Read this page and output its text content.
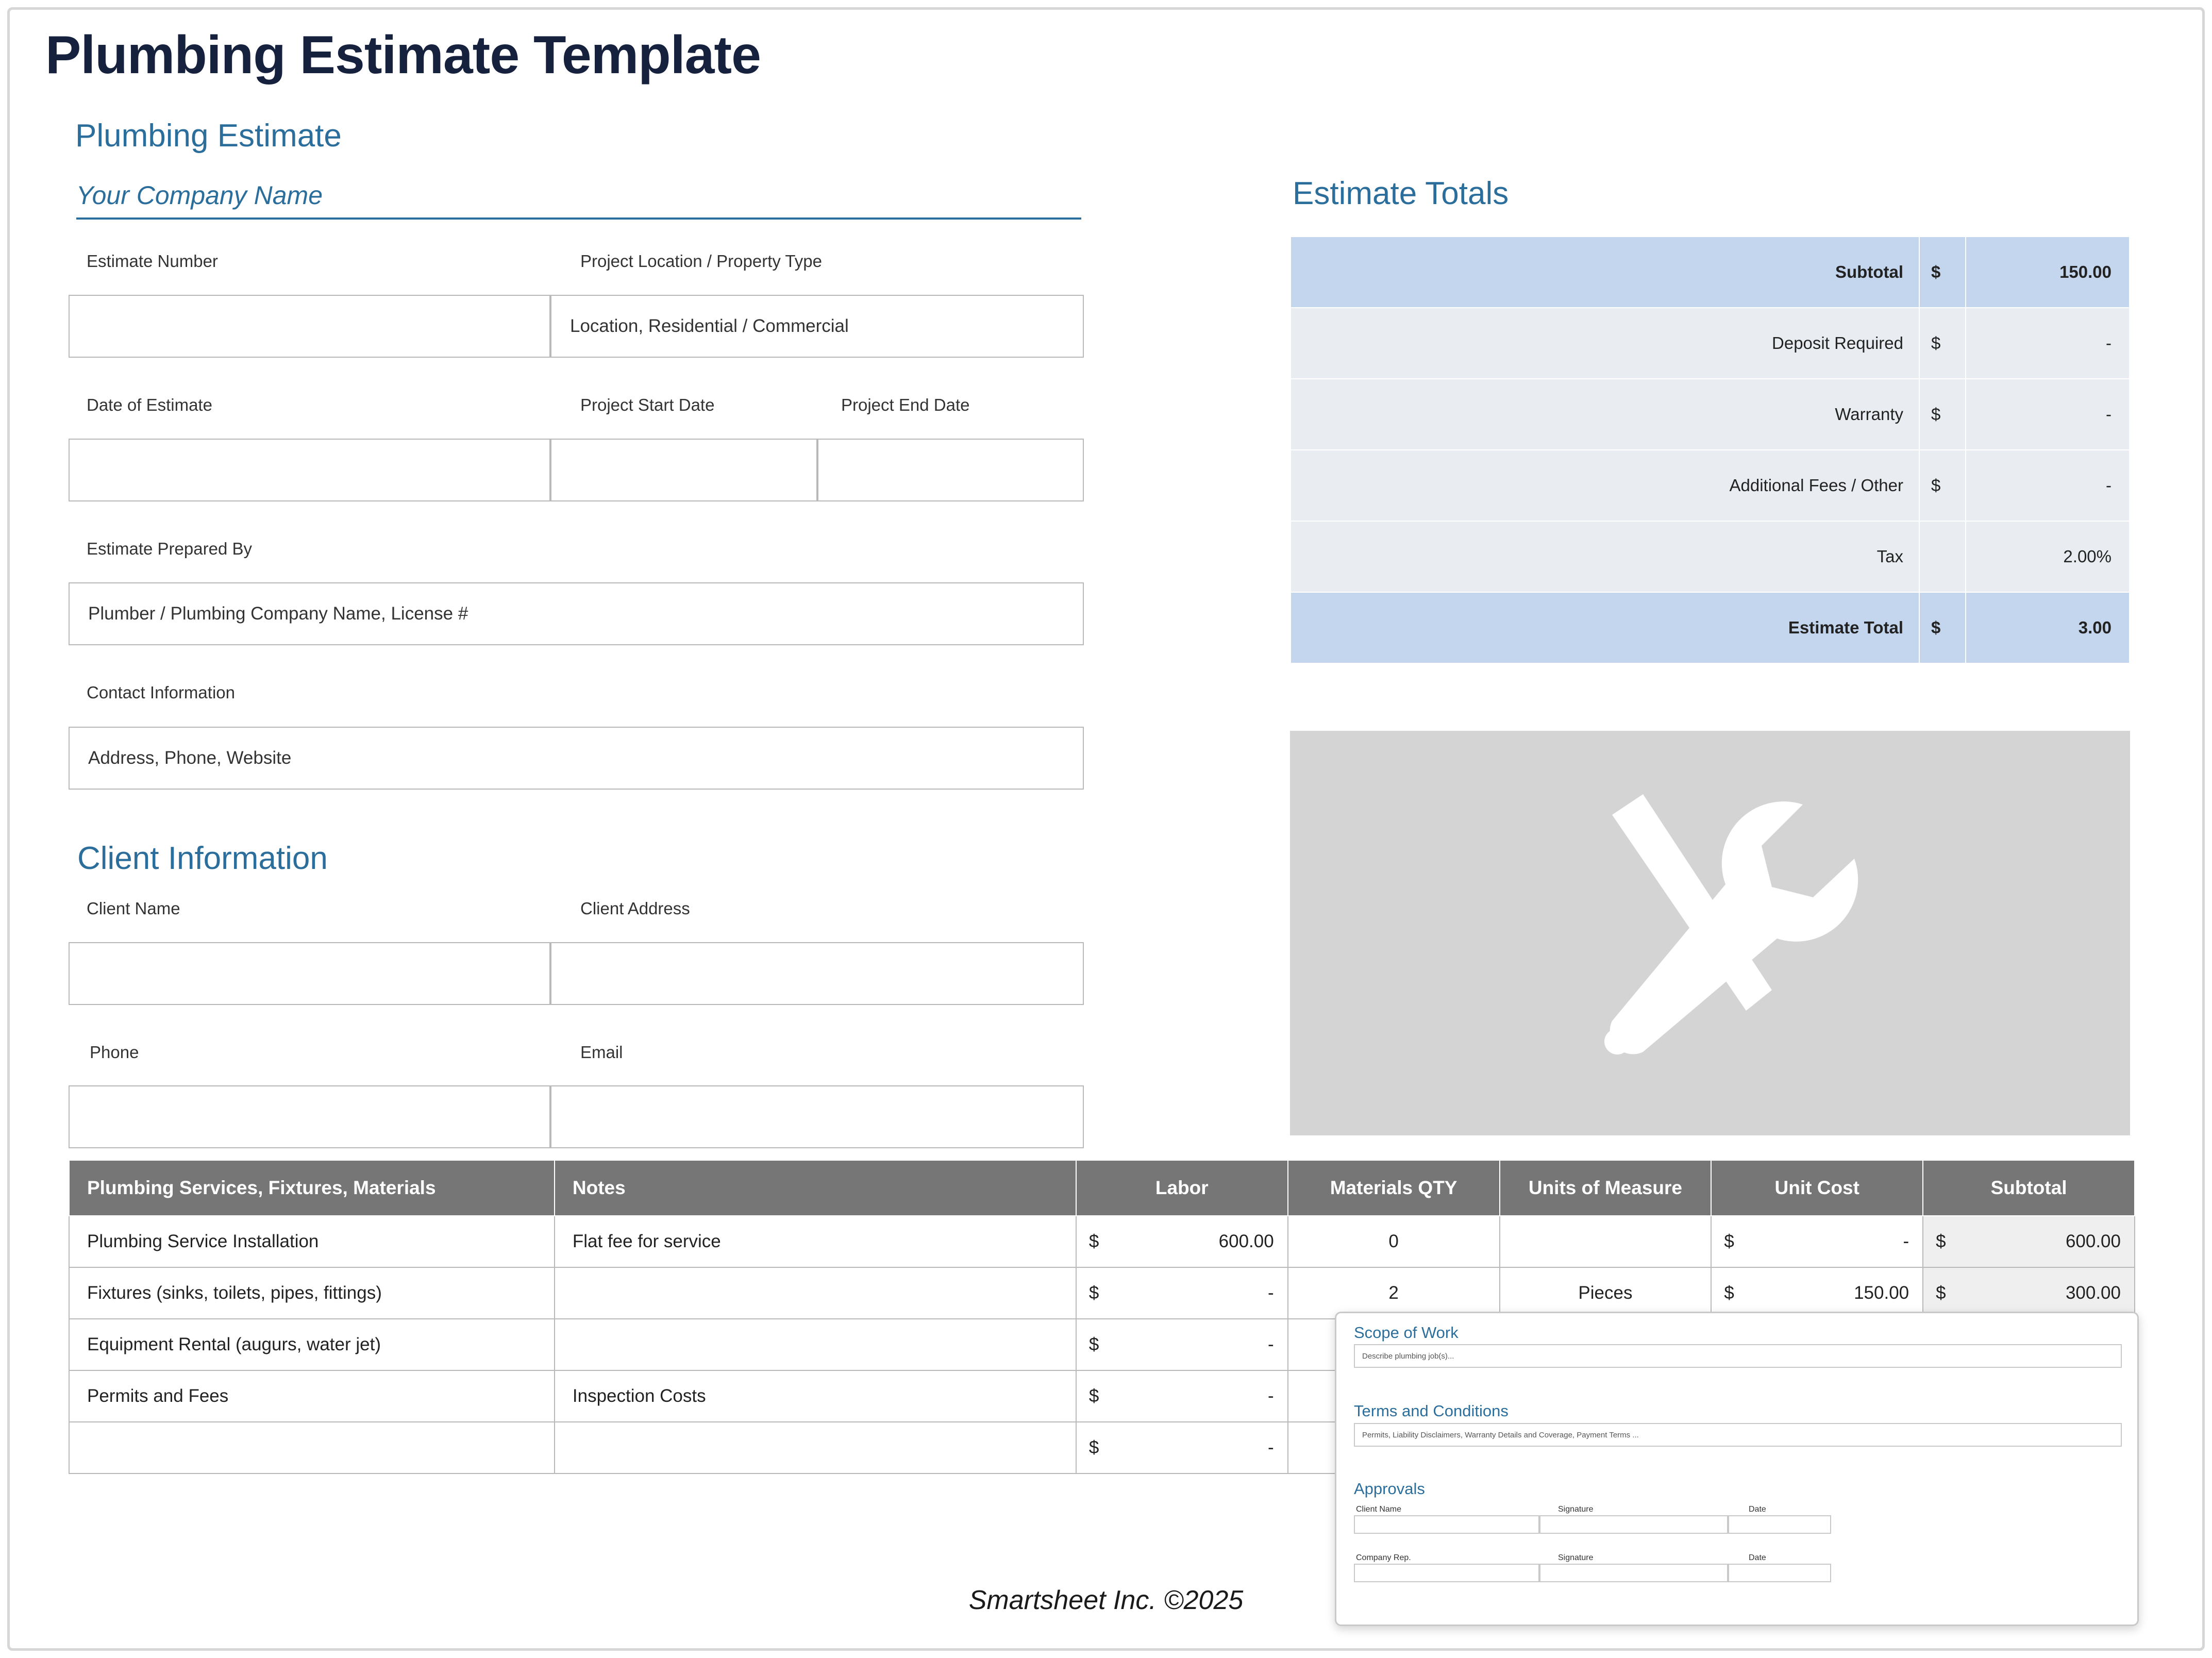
Plumbing Estimate Template
Plumbing Estimate
Your Company Name
Estimate Number	Project Location / Property Type
Location, Residential / Commercial
Date of Estimate	Project Start Date	Project End Date
Estimate Prepared By
Plumber / Plumbing Company Name, License #
Contact Information
Address, Phone, Website
Client Information
Client Name	Client Address
Phone	Email
Estimate Totals
Subtotal	$	150.00
Deposit Required	$	-
Warranty	$	-
Additional Fees / Other	$	-
Tax		2.00%
Estimate Total	$	3.00
Plumbing Services, Fixtures, Materials	Notes	Labor	Materials QTY	Units of Measure	Unit Cost	Subtotal
Plumbing Service Installation	Flat fee for service	$ 600.00	0		$ -	$ 600.00

Fixtures (sinks, toilets, pipes, fittings)		$ -	2	Pieces	$ 150.00	$ 300.00

Equipment Rental (augurs, water jet)		$ -				

Permits and Fees	Inspection Costs	$ -				

		$ -				

Scope of Work
Describe plumbing job(s)...
Terms and Conditions
Permits, Liability Disclaimers, Warranty Details and Coverage, Payment Terms ...
Approvals
Client Name	Signature	Date
Company Rep.	Signature	Date
Smartsheet Inc. ©2025
